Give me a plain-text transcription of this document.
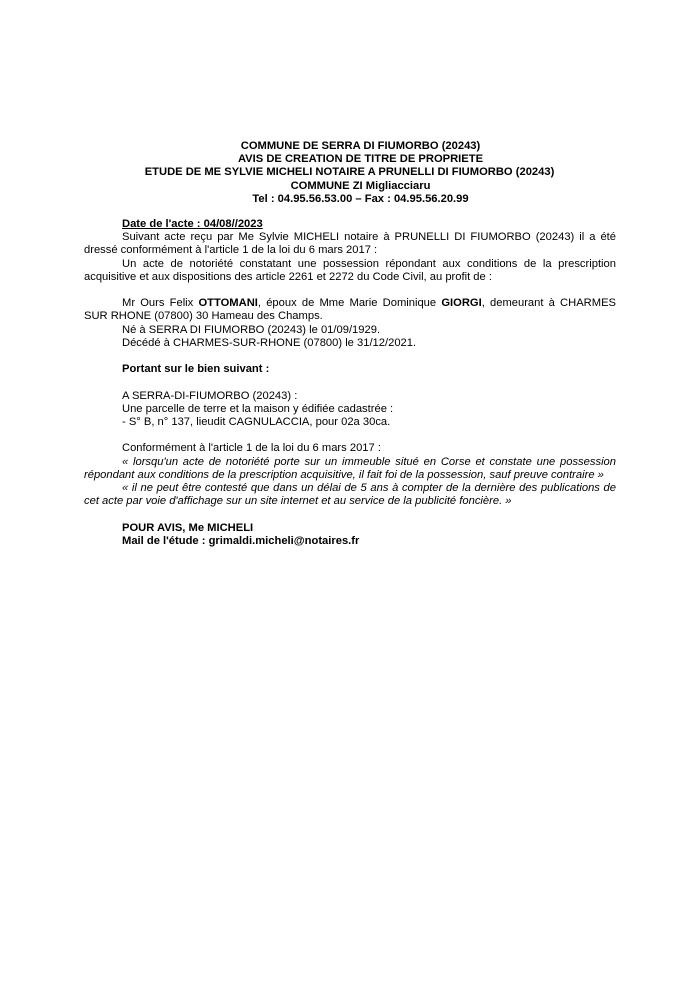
COMMUNE DE SERRA DI FIUMORBO (20243)
AVIS DE CREATION DE TITRE DE PROPRIETE
ETUDE DE ME SYLVIE MICHELI NOTAIRE A PRUNELLI DI FIUMORBO (20243)
COMMUNE ZI Migliacciaru
Tel : 04.95.56.53.00 – Fax : 04.95.56.20.99
Date de l'acte : 04/08//2023

Suivant acte reçu par Me Sylvie MICHELI notaire à PRUNELLI DI FIUMORBO (20243) il a été dressé conformément à l'article 1 de la loi du 6 mars 2017 :

Un acte de notoriété constatant une possession répondant aux conditions de la prescription acquisitive et aux dispositions des article 2261 et 2272 du Code Civil, au profit de :

Mr Ours Felix OTTOMANI, époux de Mme Marie Dominique GIORGI, demeurant à CHARMES SUR RHONE (07800) 30 Hameau des Champs.

Né à SERRA DI FIUMORBO (20243) le 01/09/1929.

Décédé à CHARMES-SUR-RHONE (07800) le 31/12/2021.

Portant sur le bien suivant :

A SERRA-DI-FIUMORBO (20243) :

Une parcelle de terre et la maison y édifiée cadastrée :

- S° B, n° 137, lieudit CAGNULACCIA, pour 02a 30ca.

Conformément à l'article 1 de la loi du 6 mars 2017 :

« lorsqu'un acte de notoriété porte sur un immeuble situé en Corse et constate une possession répondant aux conditions de la prescription acquisitive, il fait foi de la possession, sauf preuve contraire »

« il ne peut être contesté que dans un délai de 5 ans à compter de la dernière des publications de cet acte par voie d'affichage sur un site internet et au service de la publicité foncière. »

POUR AVIS, Me MICHELI

Mail de l'étude : grimaldi.micheli@notaires.fr
